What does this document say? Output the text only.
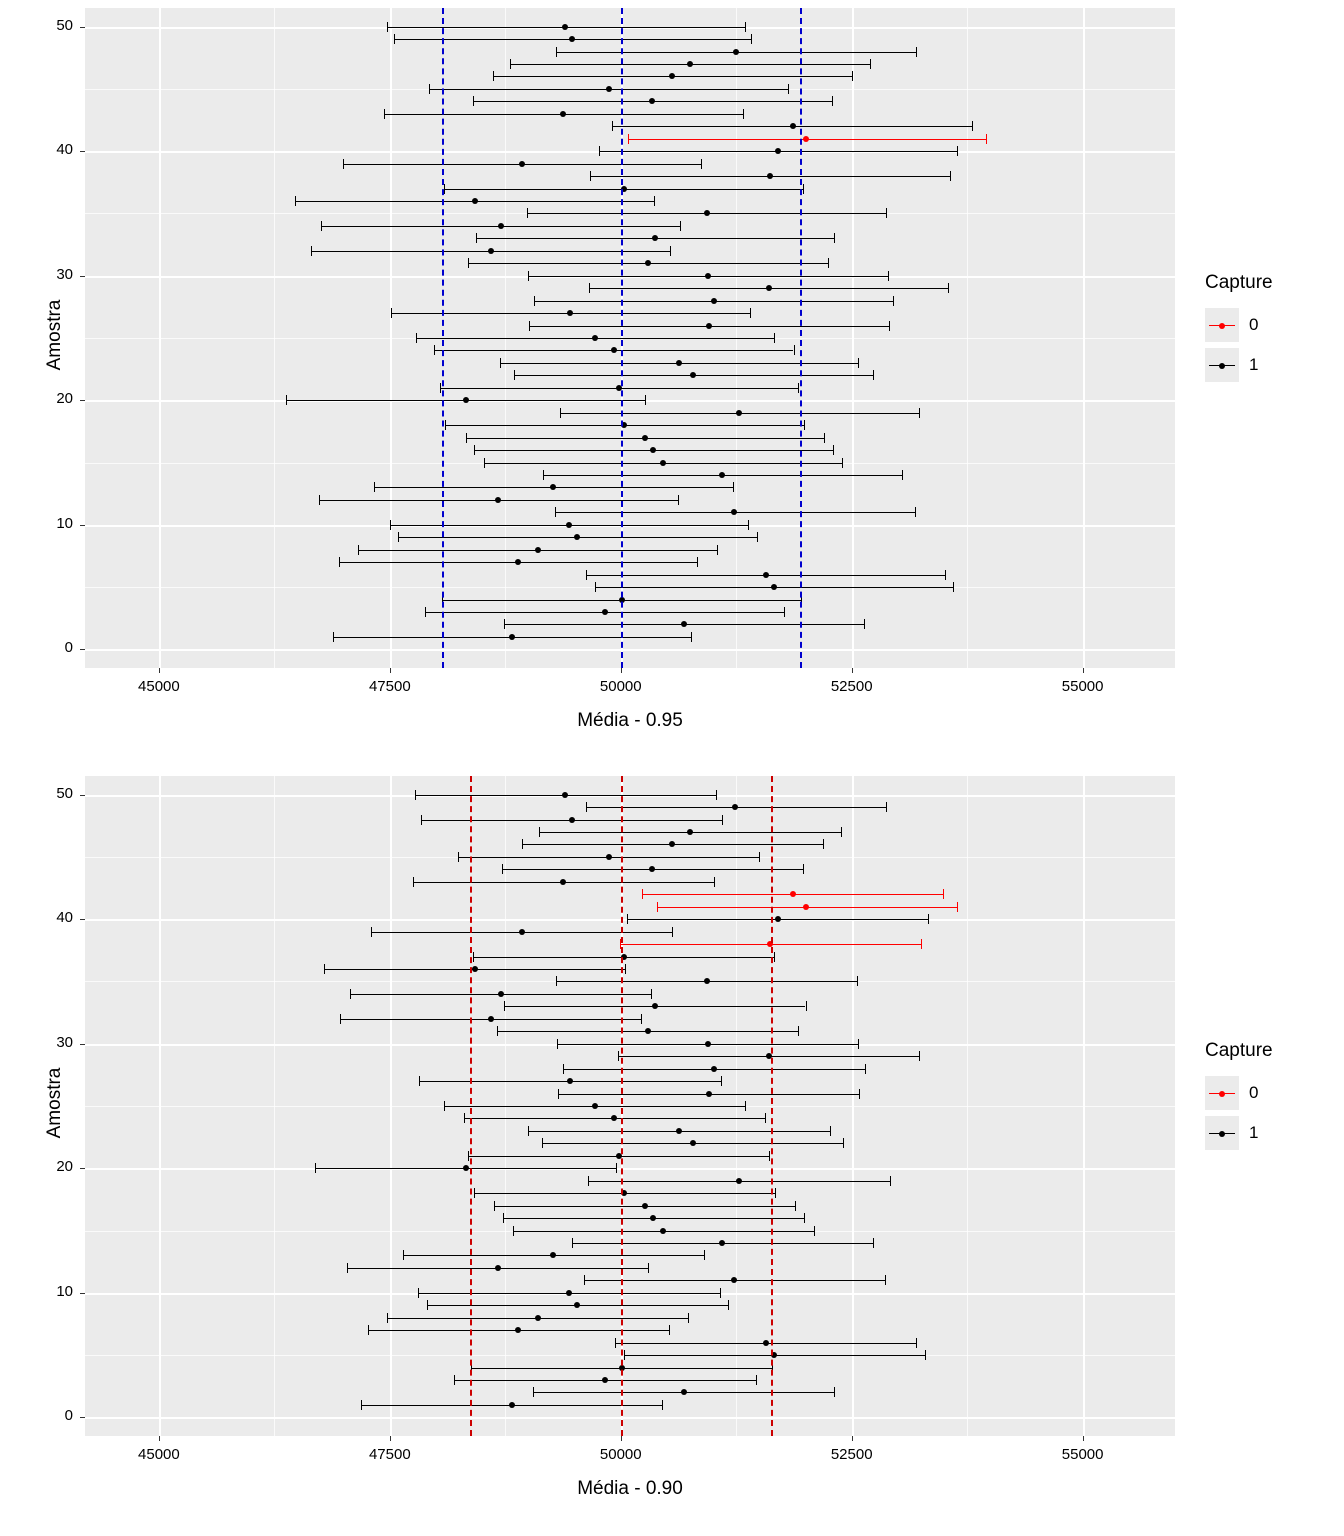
0
10
20
30
40
50
45000	47500	50000	52500	55000
Média - 0.95
Amostra
Capture
0
1
0
10
20
30
40
50
45000	47500	50000	52500	55000
Média - 0.90
Amostra
Capture
0
1
